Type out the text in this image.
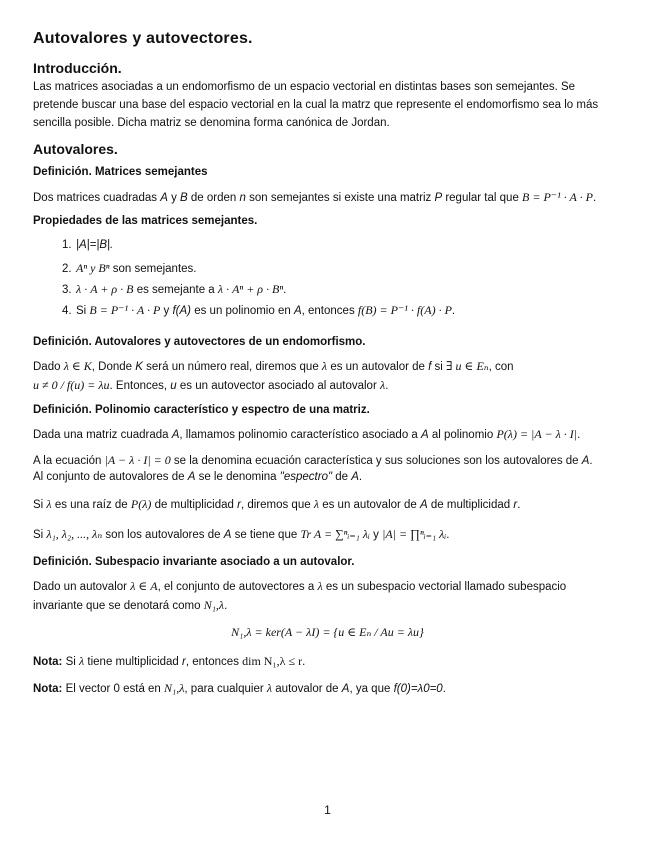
Autovalores y autovectores.
Introducción.
Las matrices asociadas a un endomorfismo de un espacio vectorial en distintas bases son semejantes. Se pretende buscar una base del espacio vectorial en la cual la matrz que represente el endomorfismo sea lo más sencilla posible. Dicha matriz se denomina forma canónica de Jordan.
Autovalores.
Definición. Matrices semejantes
Dos matrices cuadradas A y B de orden n son semejantes si existe una matriz P regular tal que B = P⁻¹ · A · P.
Propiedades de las matrices semejantes.
1. |A|=|B|.
2. Aⁿ y Bⁿ son semejantes.
3. λ · A + ρ · B es semejante a λ · Aⁿ + ρ · Bⁿ.
4. Si B = P⁻¹ · A · P y f(A) es un polinomio en A, entonces f(B) = P⁻¹ · f(A) · P.
Definición. Autovalores y autovectores de un endomorfismo.
Dado λ ∈ K, Donde K será un número real, diremos que λ es un autovalor de f si ∃ u ∈ Eₙ, con
u ≠ 0 / f(u) = λu. Entonces, u es un autovector asociado al autovalor λ.
Definición. Polinomio característico y espectro de una matriz.
Dada una matriz cuadrada A, llamamos polinomio característico asociado a A al polinomio P(λ) = |A − λ · I|.
A la ecuación |A − λ · I| = 0 se la denomina ecuación característica y sus soluciones son los autovalores de A.
Al conjunto de autovalores de A se le denomina "espectro" de A.
Si λ es una raíz de P(λ) de multiplicidad r, diremos que λ es un autovalor de A de multiplicidad r.
Si λ₁, λ₂, ..., λₙ son los autovalores de A se tiene que Tr A = ∑ⁿᵢ₌₁ λᵢ y |A| = ∏ⁿᵢ₌₁ λᵢ.
Definición. Subespacio invariante asociado a un autovalor.
Dado un autovalor λ ∈ A, el conjunto de autovectores a λ es un subespacio vectorial llamado subespacio
invariante que se denotará como N₁,λ.
N₁,λ = ker(A − λI) = {u ∈ Eₙ / Au = λu}
Nota: Si λ tiene multiplicidad r, entonces dim N₁,λ ≤ r.
Nota: El vector 0 está en N₁,λ, para cualquier λ autovalor de A, ya que f(0)=λ0=0.
1
